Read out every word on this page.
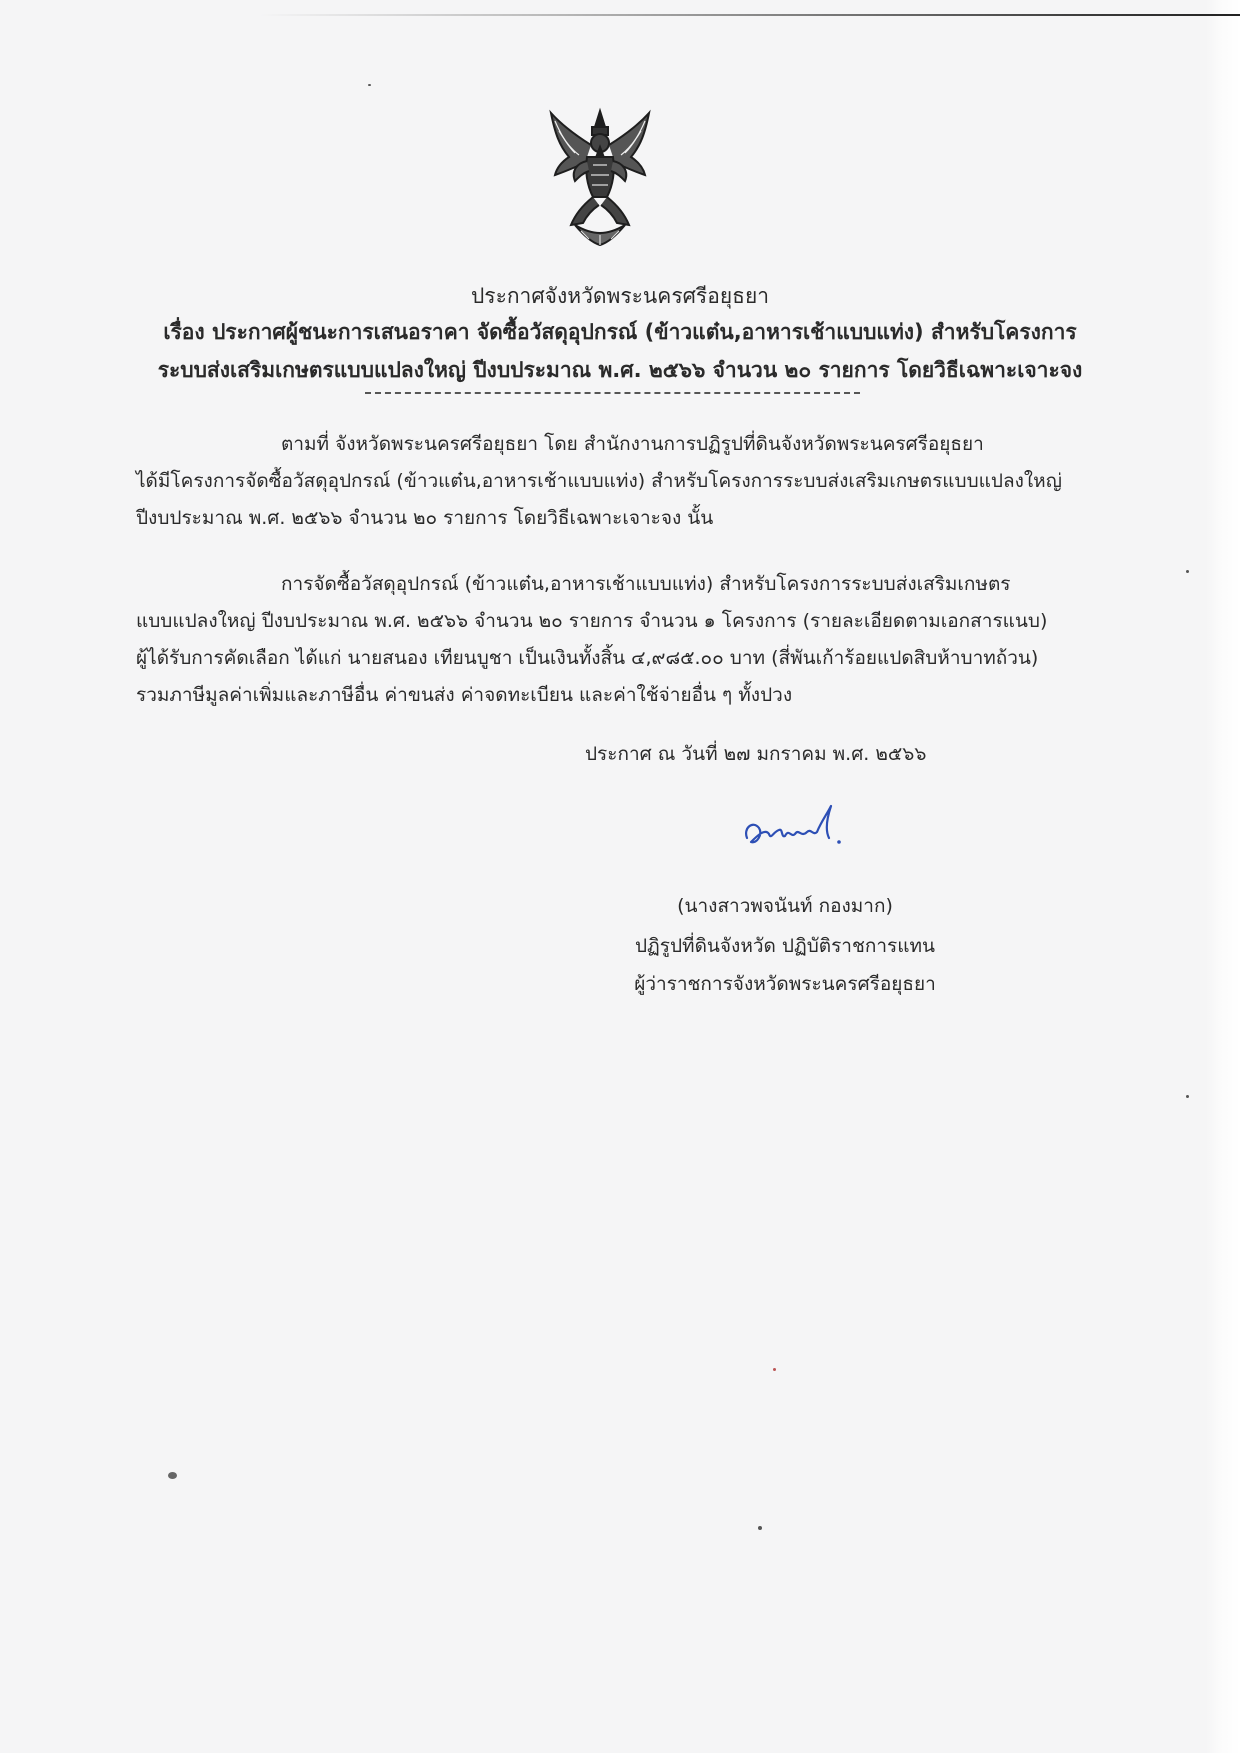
ประกาศจังหวัดพระนครศรีอยุธยา
เรื่อง ประกาศผู้ชนะการเสนอราคา จัดซื้อวัสดุอุปกรณ์ (ข้าวแต๋น,อาหารเช้าแบบแท่ง) สำหรับโครงการ
ระบบส่งเสริมเกษตรแบบแปลงใหญ่ ปีงบประมาณ พ.ศ. ๒๕๖๖ จำนวน ๒๐ รายการ โดยวิธีเฉพาะเจาะจง
ตามที่ จังหวัดพระนครศรีอยุธยา โดย สำนักงานการปฏิรูปที่ดินจังหวัดพระนครศรีอยุธยา
ได้มีโครงการจัดซื้อวัสดุอุปกรณ์ (ข้าวแต๋น,อาหารเช้าแบบแท่ง) สำหรับโครงการระบบส่งเสริมเกษตรแบบแปลงใหญ่
ปีงบประมาณ พ.ศ. ๒๕๖๖ จำนวน ๒๐ รายการ โดยวิธีเฉพาะเจาะจง นั้น
การจัดซื้อวัสดุอุปกรณ์ (ข้าวแต๋น,อาหารเช้าแบบแท่ง) สำหรับโครงการระบบส่งเสริมเกษตร
แบบแปลงใหญ่ ปีงบประมาณ พ.ศ. ๒๕๖๖ จำนวน ๒๐ รายการ จำนวน ๑ โครงการ (รายละเอียดตามเอกสารแนบ)
ผู้ได้รับการคัดเลือก ได้แก่ นายสนอง เทียนบูชา เป็นเงินทั้งสิ้น ๔,๙๘๕.๐๐ บาท (สี่พันเก้าร้อยแปดสิบห้าบาทถ้วน)
รวมภาษีมูลค่าเพิ่มและภาษีอื่น ค่าขนส่ง ค่าจดทะเบียน และค่าใช้จ่ายอื่น ๆ ทั้งปวง
ประกาศ ณ วันที่ ๒๗ มกราคม พ.ศ. ๒๕๖๖
(นางสาวพจนันท์ กองมาก)
ปฏิรูปที่ดินจังหวัด ปฏิบัติราชการแทน
ผู้ว่าราชการจังหวัดพระนครศรีอยุธยา
